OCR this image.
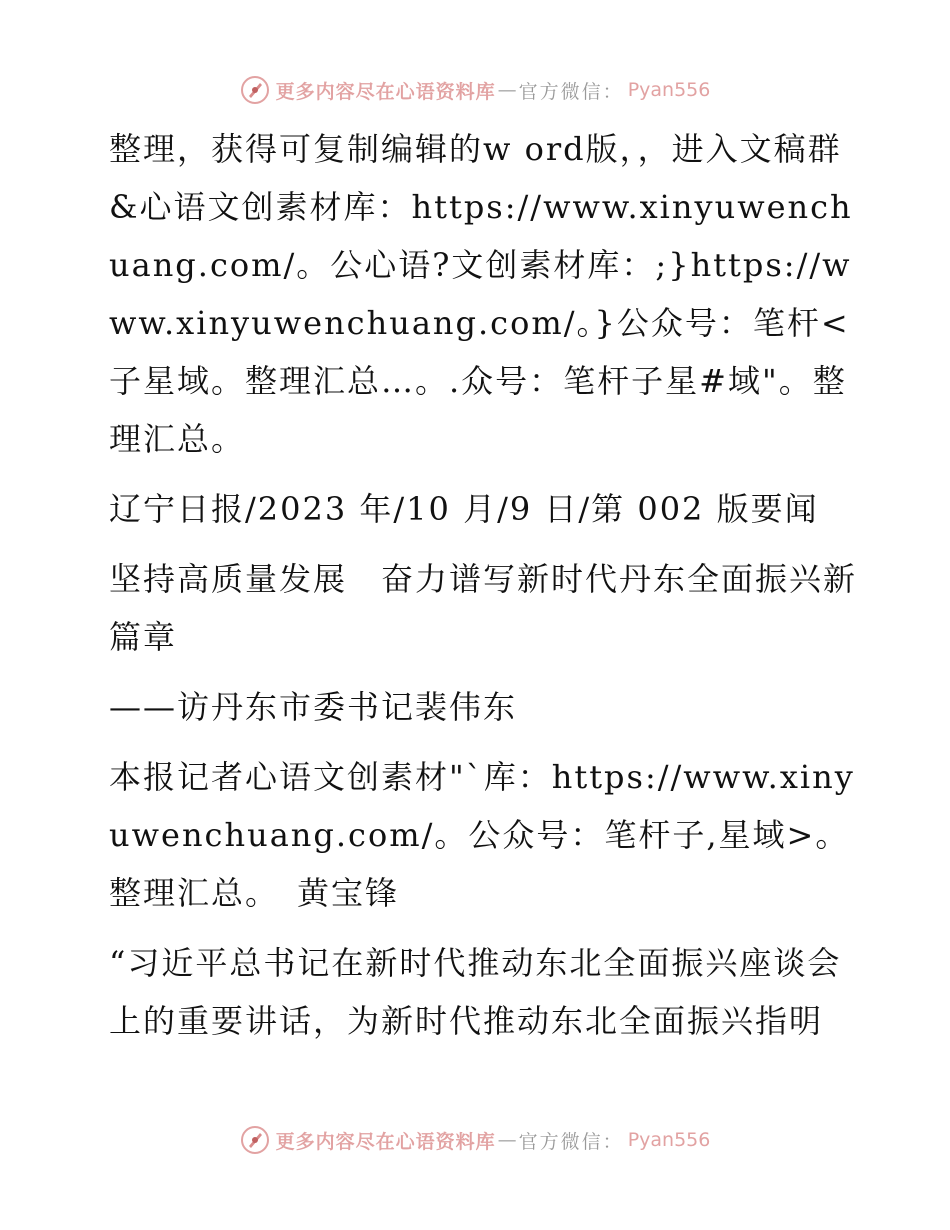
更多内容尽在心语资料库 — 官方微信： Pyan556

整理，获得可复制编辑的w ord版，，进入文稿群&心语文创素材库：https://www.xinyuwenchuang.com/。公心语?文创素材库：;}https://www.xinyuwenchuang.com/。}公众号：笔杆<子星域。整理汇总…。.众号：笔杆子星#域"。整理汇总。

辽宁日报/2023 年/10 月/9 日/第 002 版要闻

坚持高质量发展　奋力谱写新时代丹东全面振兴新篇章

——访丹东市委书记裴伟东

本报记者心语文创素材"`库：https://www.xinyuwenchuang.com/。公众号：笔杆子,星域>。整理汇总。　黄宝锋

“习近平总书记在新时代推动东北全面振兴座谈会上的重要讲话，为新时代推动东北全面振兴指明

更多内容尽在心语资料库 — 官方微信： Pyan556
